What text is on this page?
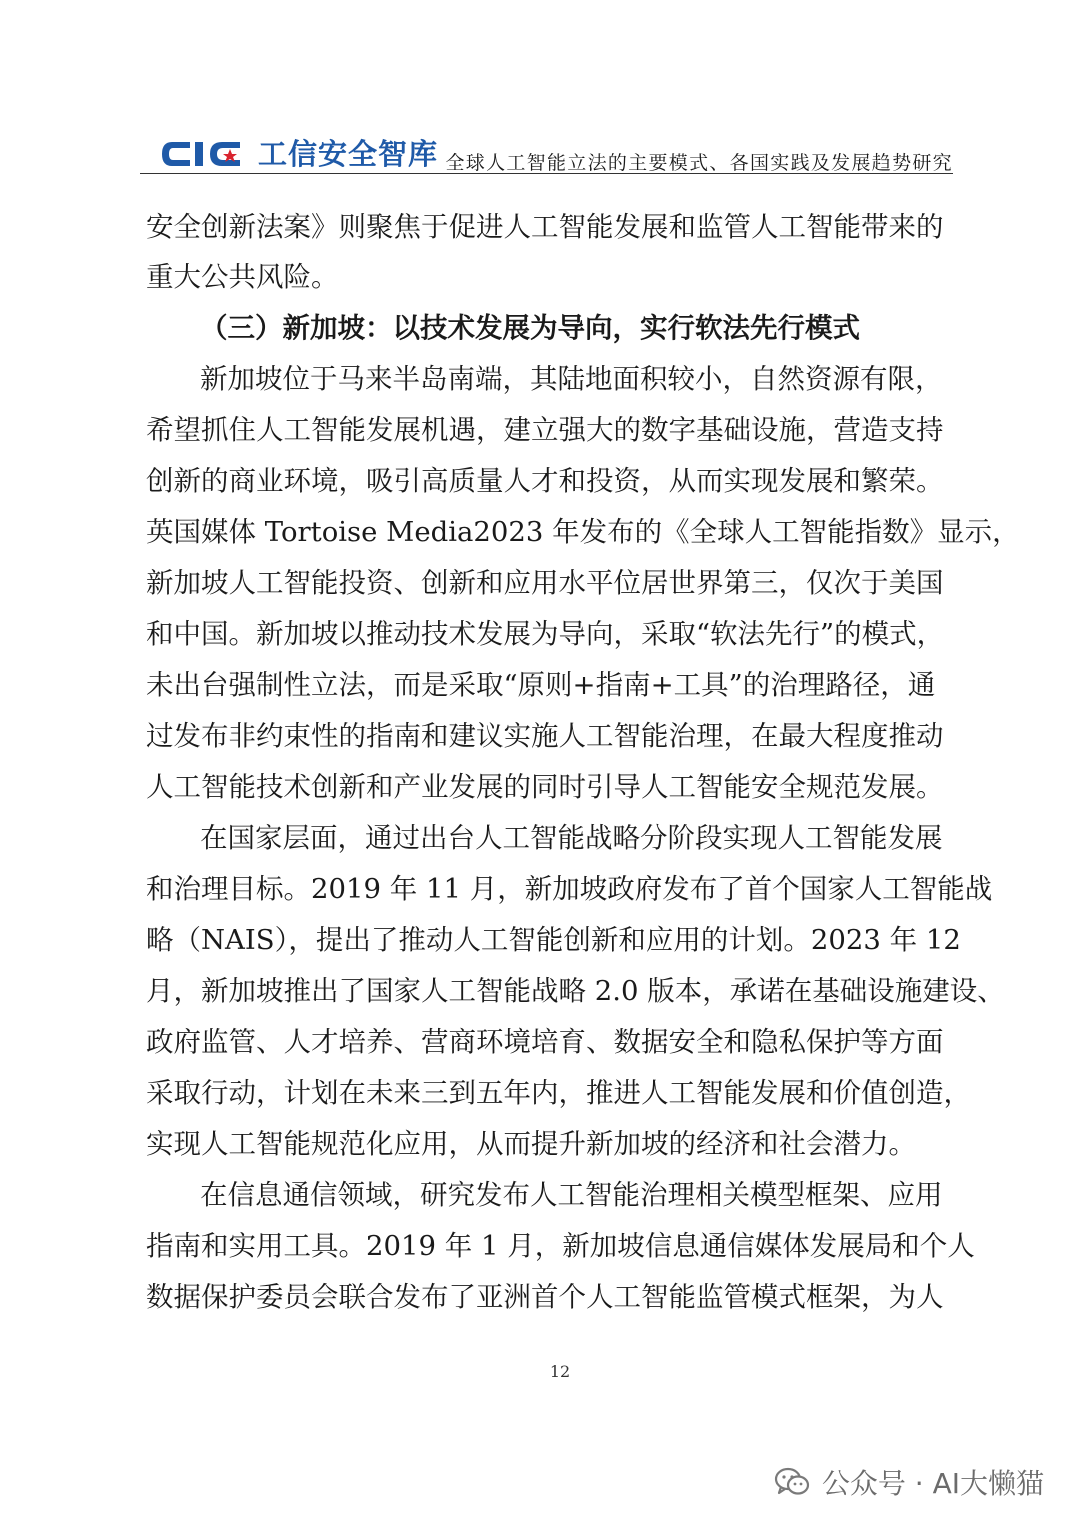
工信安全智库 全球人工智能立法的主要模式、各国实践及发展趋势研究
安全创新法案》则聚焦于促进人工智能发展和监管人工智能带来的
重大公共风险。
（三）新加坡：以技术发展为导向，实行软法先行模式
新加坡位于马来半岛南端，其陆地面积较小，自然资源有限，
希望抓住人工智能发展机遇，建立强大的数字基础设施，营造支持
创新的商业环境，吸引高质量人才和投资，从而实现发展和繁荣。
英国媒体 Tortoise Media2023 年发布的《全球人工智能指数》显示，
新加坡人工智能投资、创新和应用水平位居世界第三，仅次于美国
和中国。新加坡以推动技术发展为导向，采取“软法先行”的模式，
未出台强制性立法，而是采取“原则+指南+工具”的治理路径，通
过发布非约束性的指南和建议实施人工智能治理，在最大程度推动
人工智能技术创新和产业发展的同时引导人工智能安全规范发展。
在国家层面，通过出台人工智能战略分阶段实现人工智能发展
和治理目标。2019 年 11 月，新加坡政府发布了首个国家人工智能战
略（NAIS），提出了推动人工智能创新和应用的计划。2023 年 12
月，新加坡推出了国家人工智能战略 2.0 版本，承诺在基础设施建设、
政府监管、人才培养、营商环境培育、数据安全和隐私保护等方面
采取行动，计划在未来三到五年内，推进人工智能发展和价值创造，
实现人工智能规范化应用，从而提升新加坡的经济和社会潜力。
在信息通信领域，研究发布人工智能治理相关模型框架、应用
指南和实用工具。2019 年 1 月，新加坡信息通信媒体发展局和个人
数据保护委员会联合发布了亚洲首个人工智能监管模式框架，为人
12
公众号 · AI大懒猫
